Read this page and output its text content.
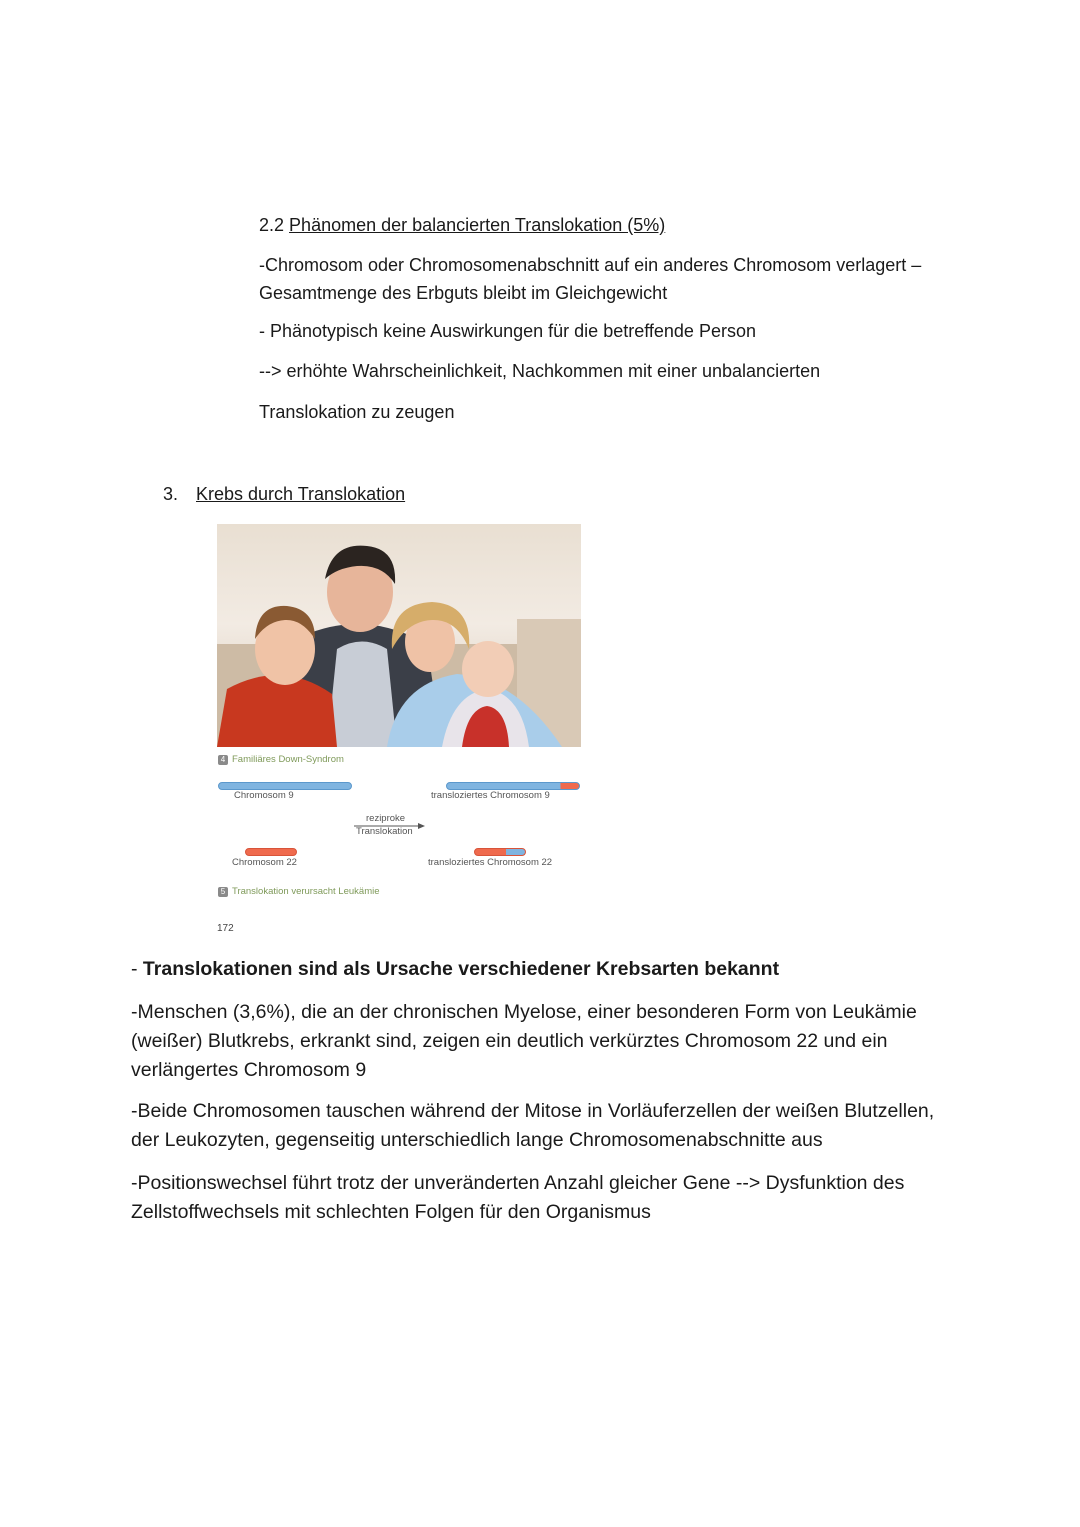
2.2 Phänomen der balancierten Translokation (5%)
-Chromosom oder Chromosomenabschnitt auf ein anderes Chromosom verlagert – Gesamtmenge des Erbguts bleibt im Gleichgewicht
- Phänotypisch keine Auswirkungen für die betreffende Person
--> erhöhte Wahrscheinlichkeit, Nachkommen mit einer unbalancierten
Translokation zu zeugen
3. Krebs durch Translokation
4 Familiäres Down-Syndrom
Chromosom 9	transloziertes Chromosom 9
reziproke
Translokation
Chromosom 22	transloziertes Chromosom 22
5 Translokation verursacht Leukämie
172
- Translokationen sind als Ursache verschiedener Krebsarten bekannt
-Menschen (3,6%), die an der chronischen Myelose, einer besonderen Form von Leukämie (weißer) Blutkrebs, erkrankt sind, zeigen ein deutlich verkürztes Chromosom 22 und ein verlängertes Chromosom 9
-Beide Chromosomen tauschen während der Mitose in Vorläuferzellen der weißen Blutzellen, der Leukozyten, gegenseitig unterschiedlich lange Chromosomenabschnitte aus
-Positionswechsel führt trotz der unveränderten Anzahl gleicher Gene --> Dysfunktion des Zellstoffwechsels mit schlechten Folgen für den Organismus
